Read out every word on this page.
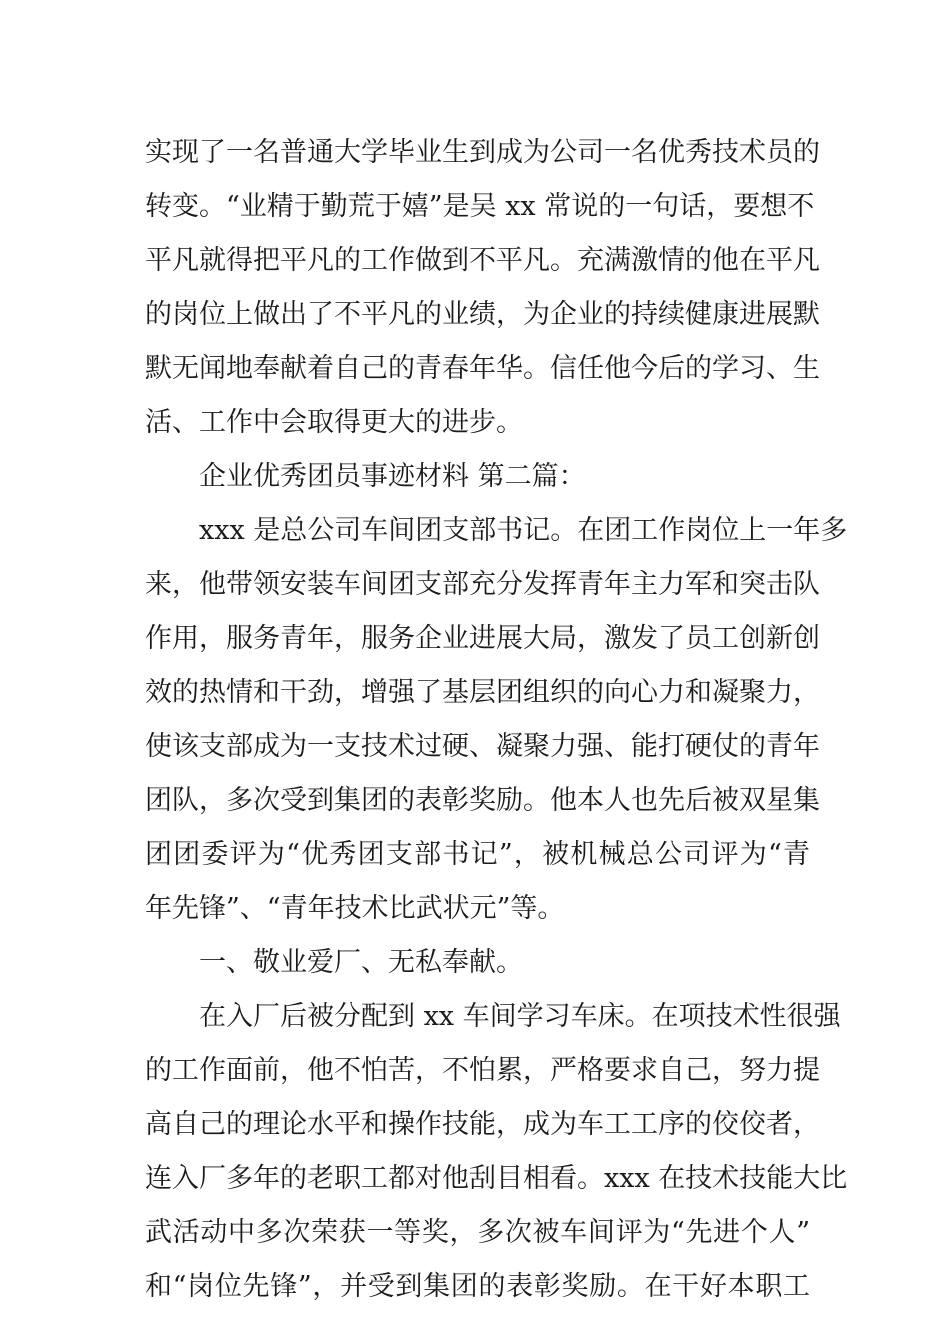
实现了一名普通大学毕业生到成为公司一名优秀技术员的
转变。“业精于勤荒于嬉”是吴 xx 常说的一句话，要想不
平凡就得把平凡的工作做到不平凡。充满激情的他在平凡
的岗位上做出了不平凡的业绩，为企业的持续健康进展默
默无闻地奉献着自己的青春年华。信任他今后的学习、生
活、工作中会取得更大的进步。
企业优秀团员事迹材料 第二篇：
xxx 是总公司车间团支部书记。在团工作岗位上一年多
来，他带领安装车间团支部充分发挥青年主力军和突击队
作用，服务青年，服务企业进展大局，激发了员工创新创
效的热情和干劲，增强了基层团组织的向心力和凝聚力，
使该支部成为一支技术过硬、凝聚力强、能打硬仗的青年
团队，多次受到集团的表彰奖励。他本人也先后被双星集
团团委评为“优秀团支部书记”，被机械总公司评为“青
年先锋”、“青年技术比武状元”等。
一、敬业爱厂、无私奉献。
在入厂后被分配到 xx 车间学习车床。在项技术性很强
的工作面前，他不怕苦，不怕累，严格要求自己，努力提
高自己的理论水平和操作技能，成为车工工序的佼佼者，
连入厂多年的老职工都对他刮目相看。xxx 在技术技能大比
武活动中多次荣获一等奖，多次被车间评为“先进个人”
和“岗位先锋”，并受到集团的表彰奖励。在干好本职工
